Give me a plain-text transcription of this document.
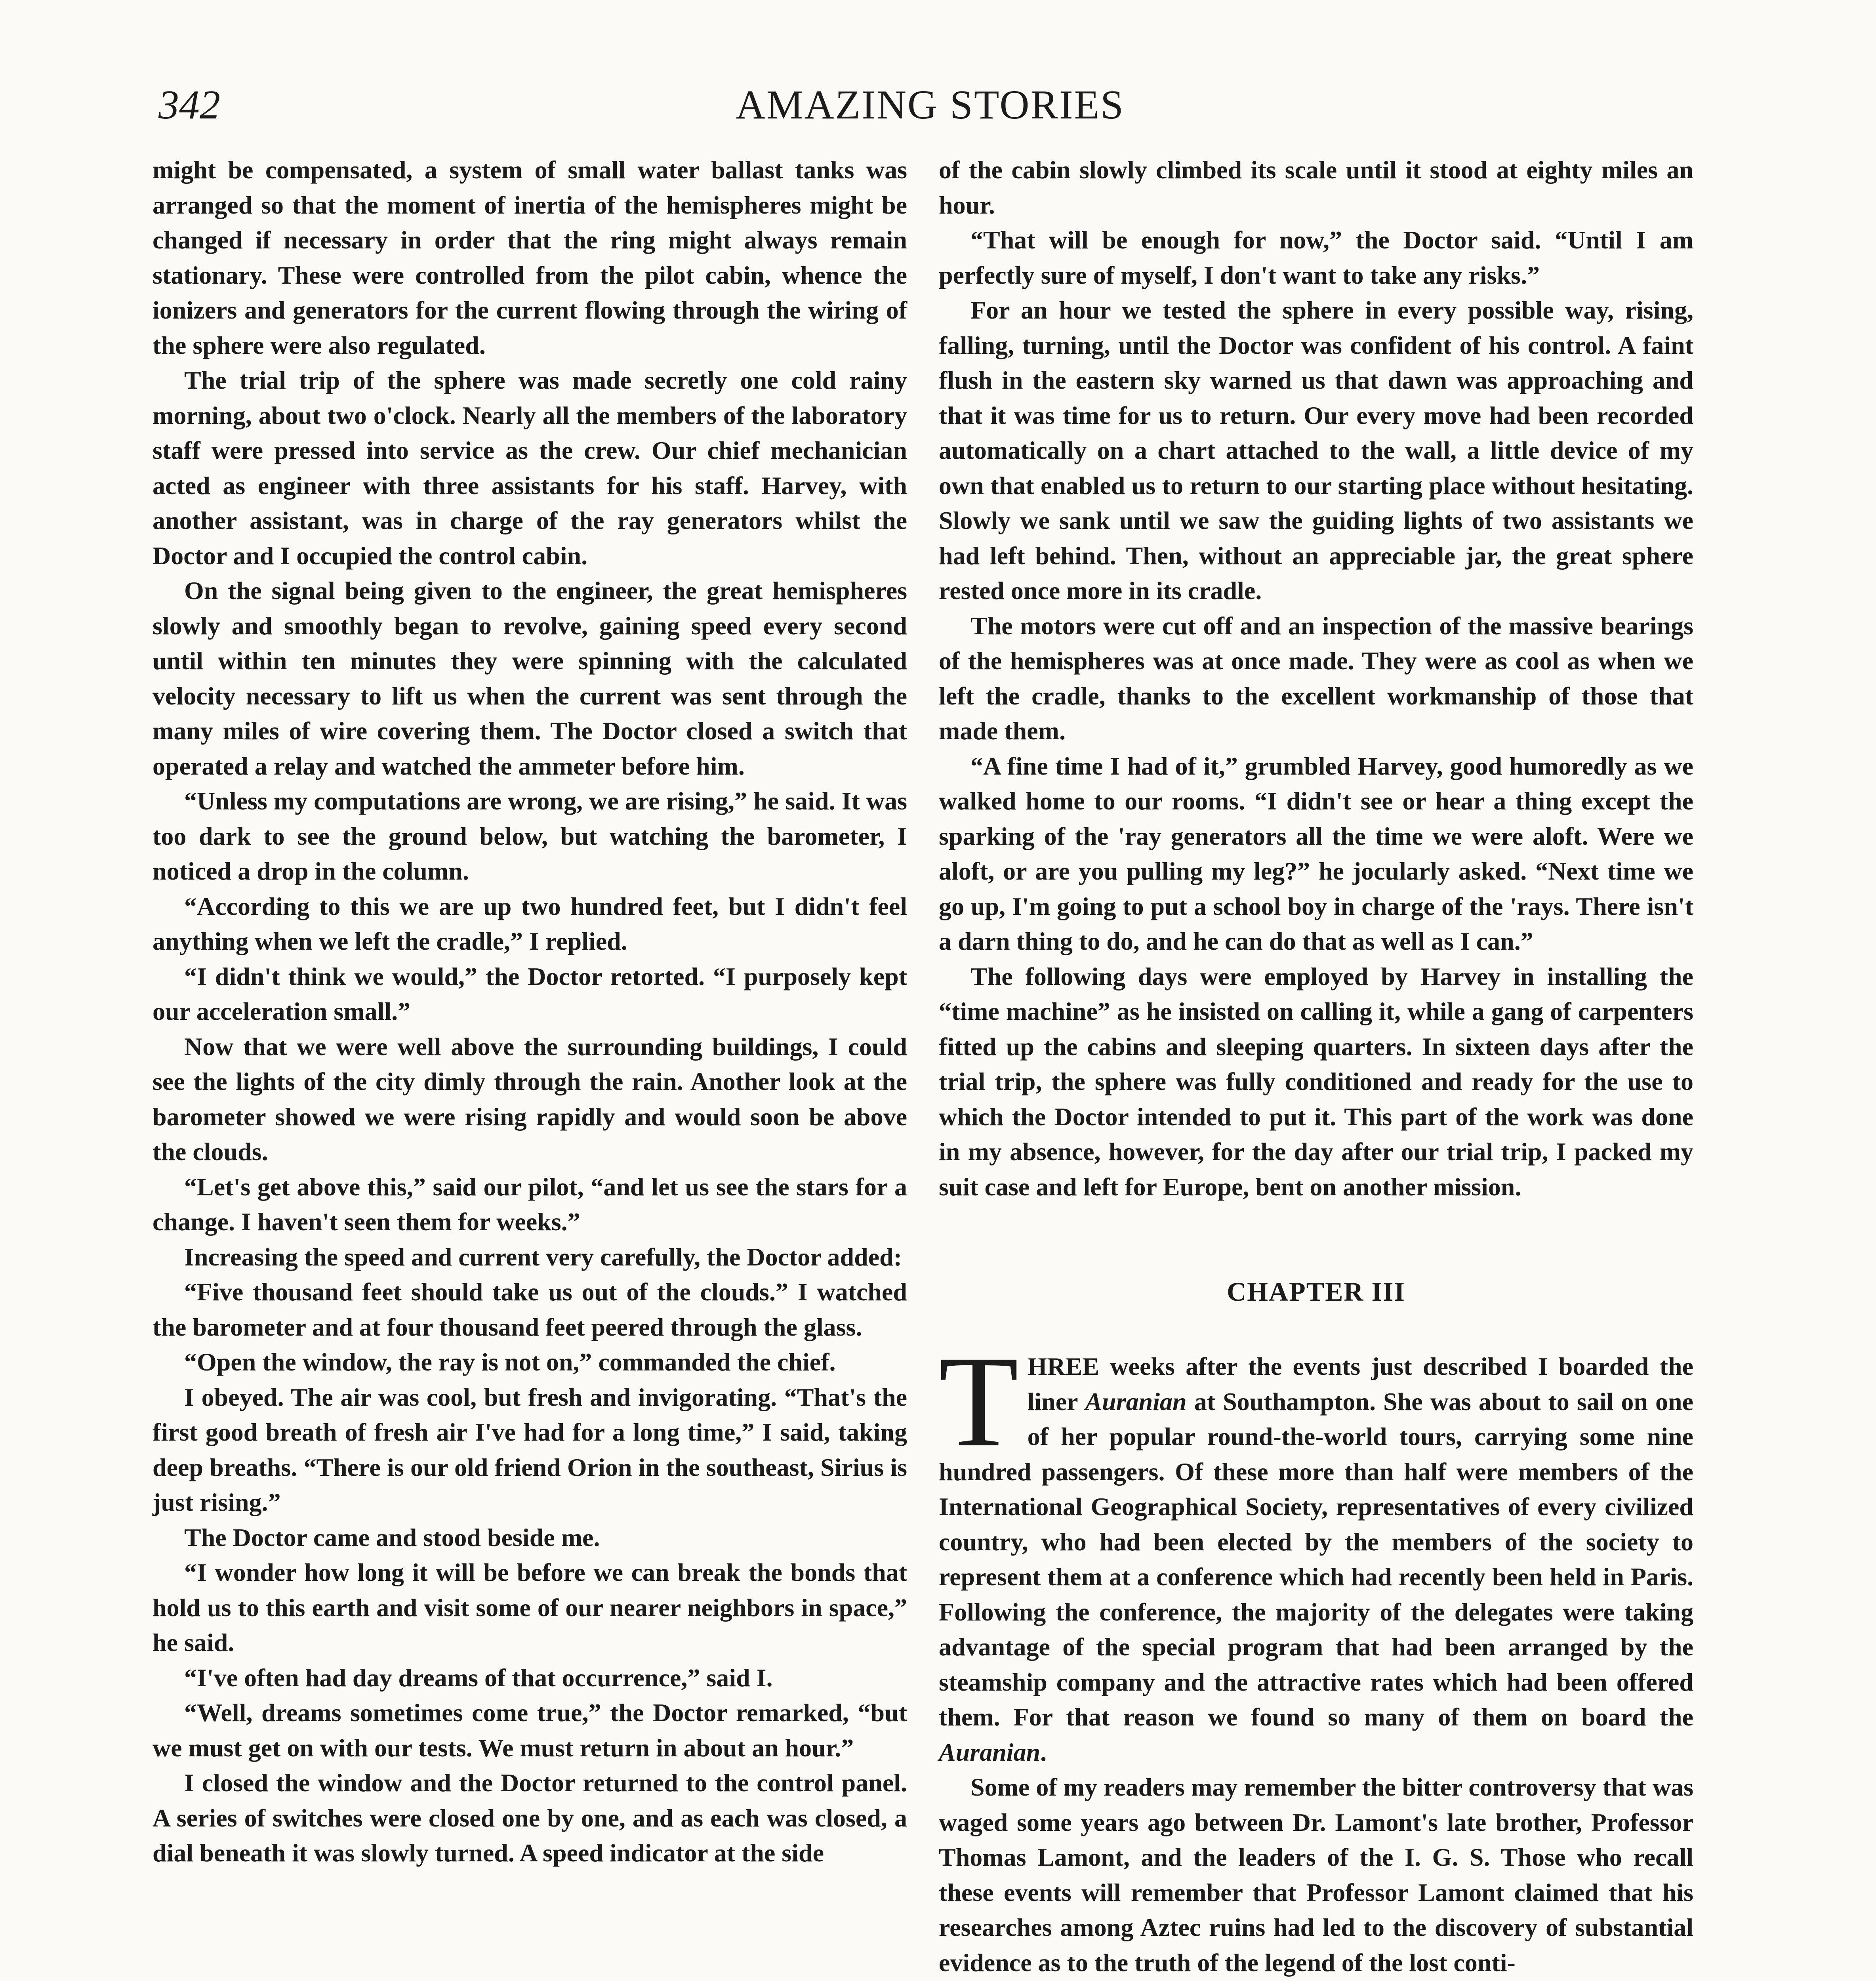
342	AMAZING STORIES

might be compensated, a system of small water ballast tanks was arranged so that the moment of inertia of the hemispheres might be changed if necessary in order that the ring might always remain stationary. These were controlled from the pilot cabin, whence the ionizers and generators for the current flowing through the wiring of the sphere were also regulated.

The trial trip of the sphere was made secretly one cold rainy morning, about two o'clock. Nearly all the members of the laboratory staff were pressed into service as the crew. Our chief mechanician acted as engineer with three assistants for his staff. Harvey, with another assistant, was in charge of the ray generators whilst the Doctor and I occupied the control cabin.

On the signal being given to the engineer, the great hemispheres slowly and smoothly began to revolve, gaining speed every second until within ten minutes they were spinning with the calculated velocity necessary to lift us when the current was sent through the many miles of wire covering them. The Doctor closed a switch that operated a relay and watched the ammeter before him.

“Unless my computations are wrong, we are rising,” he said. It was too dark to see the ground below, but watching the barometer, I noticed a drop in the column.

“According to this we are up two hundred feet, but I didn't feel anything when we left the cradle,” I replied.

“I didn't think we would,” the Doctor retorted. “I purposely kept our acceleration small.”

Now that we were well above the surrounding buildings, I could see the lights of the city dimly through the rain. Another look at the barometer showed we were rising rapidly and would soon be above the clouds.

“Let's get above this,” said our pilot, “and let us see the stars for a change. I haven't seen them for weeks.”

Increasing the speed and current very carefully, the Doctor added:

“Five thousand feet should take us out of the clouds.” I watched the barometer and at four thousand feet peered through the glass.

“Open the window, the ray is not on,” commanded the chief.

I obeyed. The air was cool, but fresh and invigorating. “That's the first good breath of fresh air I've had for a long time,” I said, taking deep breaths. “There is our old friend Orion in the southeast, Sirius is just rising.”

The Doctor came and stood beside me.

“I wonder how long it will be before we can break the bonds that hold us to this earth and visit some of our nearer neighbors in space,” he said.

“I've often had day dreams of that occurrence,” said I.

“Well, dreams sometimes come true,” the Doctor remarked, “but we must get on with our tests. We must return in about an hour.”

I closed the window and the Doctor returned to the control panel. A series of switches were closed one by one, and as each was closed, a dial beneath it was slowly turned. A speed indicator at the side

of the cabin slowly climbed its scale until it stood at eighty miles an hour.

“That will be enough for now,” the Doctor said. “Until I am perfectly sure of myself, I don't want to take any risks.”

For an hour we tested the sphere in every possible way, rising, falling, turning, until the Doctor was confident of his control. A faint flush in the eastern sky warned us that dawn was approaching and that it was time for us to return. Our every move had been recorded automatically on a chart attached to the wall, a little device of my own that enabled us to return to our starting place without hesitating. Slowly we sank until we saw the guiding lights of two assistants we had left behind. Then, without an appreciable jar, the great sphere rested once more in its cradle.

The motors were cut off and an inspection of the massive bearings of the hemispheres was at once made. They were as cool as when we left the cradle, thanks to the excellent workmanship of those that made them.

“A fine time I had of it,” grumbled Harvey, good humoredly as we walked home to our rooms. “I didn't see or hear a thing except the sparking of the 'ray generators all the time we were aloft. Were we aloft, or are you pulling my leg?” he jocularly asked. “Next time we go up, I'm going to put a school boy in charge of the 'rays. There isn't a darn thing to do, and he can do that as well as I can.”

The following days were employed by Harvey in installing the “time machine” as he insisted on calling it, while a gang of carpenters fitted up the cabins and sleeping quarters. In sixteen days after the trial trip, the sphere was fully conditioned and ready for the use to which the Doctor intended to put it. This part of the work was done in my absence, however, for the day after our trial trip, I packed my suit case and left for Europe, bent on another mission.

CHAPTER III

THREE weeks after the events just described I boarded the liner Auranian at Southampton. She was about to sail on one of her popular round-the-world tours, carrying some nine hundred passengers. Of these more than half were members of the International Geographical Society, representatives of every civilized country, who had been elected by the members of the society to represent them at a conference which had recently been held in Paris. Following the conference, the majority of the delegates were taking advantage of the special program that had been arranged by the steamship company and the attractive rates which had been offered them. For that reason we found so many of them on board the Auranian.

Some of my readers may remember the bitter controversy that was waged some years ago between Dr. Lamont's late brother, Professor Thomas Lamont, and the leaders of the I. G. S. Those who recall these events will remember that Professor Lamont claimed that his researches among Aztec ruins had led to the discovery of substantial evidence as to the truth of the legend of the lost conti-
